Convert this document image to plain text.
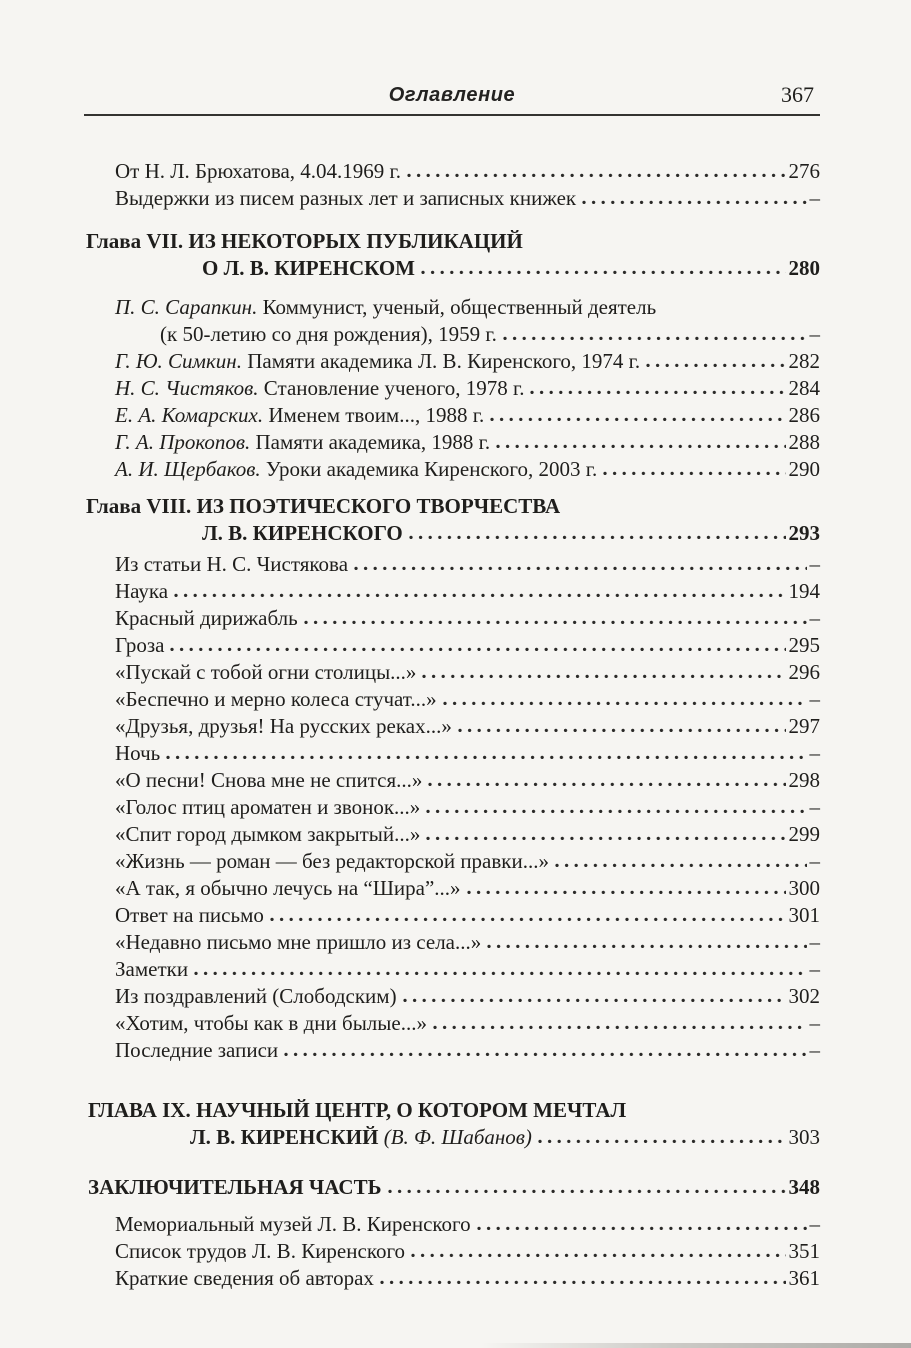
Оглавление	367
От Н. Л. Брюхатова, 4.04.1969 г.	276
Выдержки из писем разных лет и записных книжек	–
Глава VII. ИЗ НЕКОТОРЫХ ПУБЛИКАЦИЙ
О Л. В. КИРЕНСКОМ	280
П. С. Сарапкин. Коммунист, ученый, общественный деятель
(к 50-летию со дня рождения), 1959 г.	–
Г. Ю. Симкин. Памяти академика Л. В. Киренского, 1974 г.	282
Н. С. Чистяков. Становление ученого, 1978 г.	284
Е. А. Комарских. Именем твоим..., 1988 г.	286
Г. А. Прокопов. Памяти академика, 1988 г.	288
А. И. Щербаков. Уроки академика Киренского, 2003 г.	290
Глава VIII. ИЗ ПОЭТИЧЕСКОГО ТВОРЧЕСТВА
Л. В. КИРЕНСКОГО	293
Из статьи Н. С. Чистякова	–
Наука	194
Красный дирижабль	–
Гроза	295
«Пускай с тобой огни столицы...»	296
«Беспечно и мерно колеса стучат...»	–
«Друзья, друзья! На русских реках...»	297
Ночь	–
«О песни! Снова мне не спится...»	298
«Голос птиц ароматен и звонок...»	–
«Спит город дымком закрытый...»	299
«Жизнь — роман — без редакторской правки...»	–
«А так, я обычно лечусь на “Шира”...»	300
Ответ на письмо	301
«Недавно письмо мне пришло из села...»	–
Заметки	–
Из поздравлений (Слободским)	302
«Хотим, чтобы как в дни былые...»	–
Последние записи	–
ГЛАВА IX. НАУЧНЫЙ ЦЕНТР, О КОТОРОМ МЕЧТАЛ
Л. В. КИРЕНСКИЙ (В. Ф. Шабанов)	303
ЗАКЛЮЧИТЕЛЬНАЯ ЧАСТЬ	348
Мемориальный музей Л. В. Киренского	–
Список трудов Л. В. Киренского	351
Краткие сведения об авторах	361
